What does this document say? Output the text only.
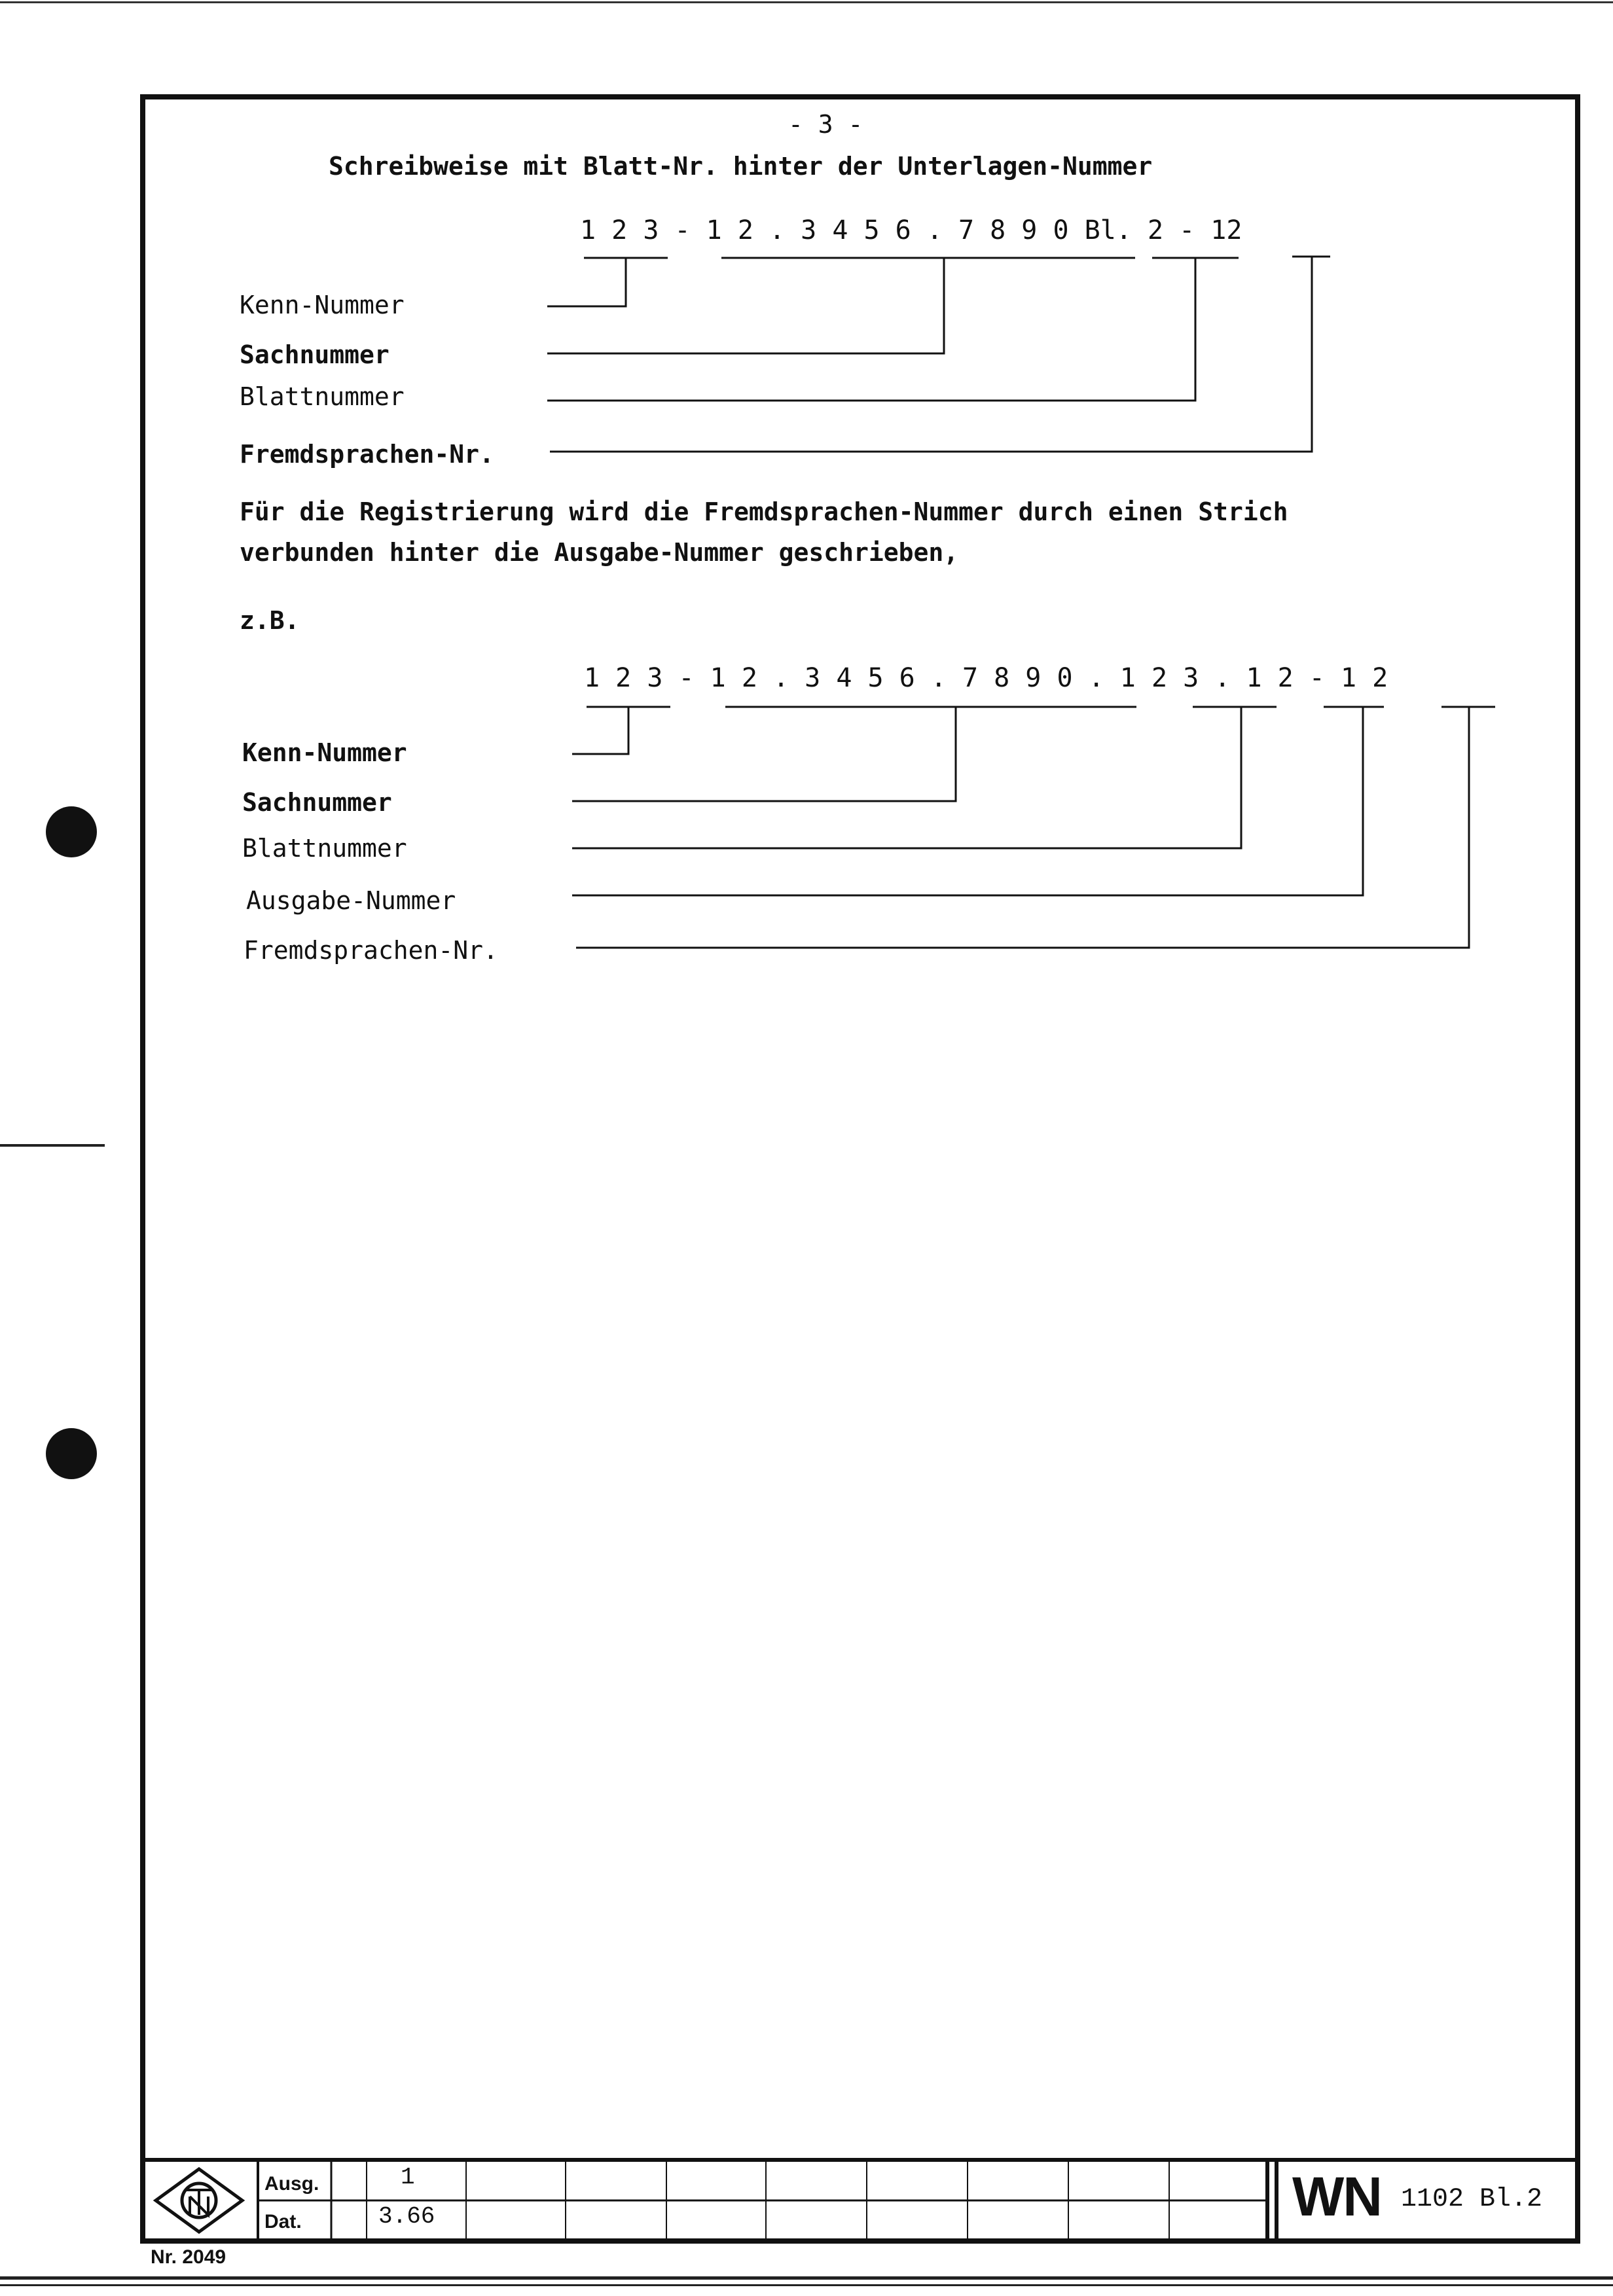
- 3 -
Schreibweise mit Blatt-Nr. hinter der Unterlagen-Nummer
1 2 3 - 1 2 . 3 4 5 6 . 7 8 9 0 Bl. 2 - 12
Kenn-Nummer
Sachnummer
Blattnummer
Fremdsprachen-Nr.
Für die Registrierung wird die Fremdsprachen-Nummer durch einen Strich
verbunden hinter die Ausgabe-Nummer geschrieben,
z.B.
1 2 3 - 1 2 . 3 4 5 6 . 7 8 9 0 . 1 2 3 . 1 2 - 1 2
Kenn-Nummer
Sachnummer
Blattnummer
Ausgabe-Nummer
Fremdsprachen-Nr.
Ausg.
Dat.
1
3.66	WN 1102 Bl.2
Nr. 2049
